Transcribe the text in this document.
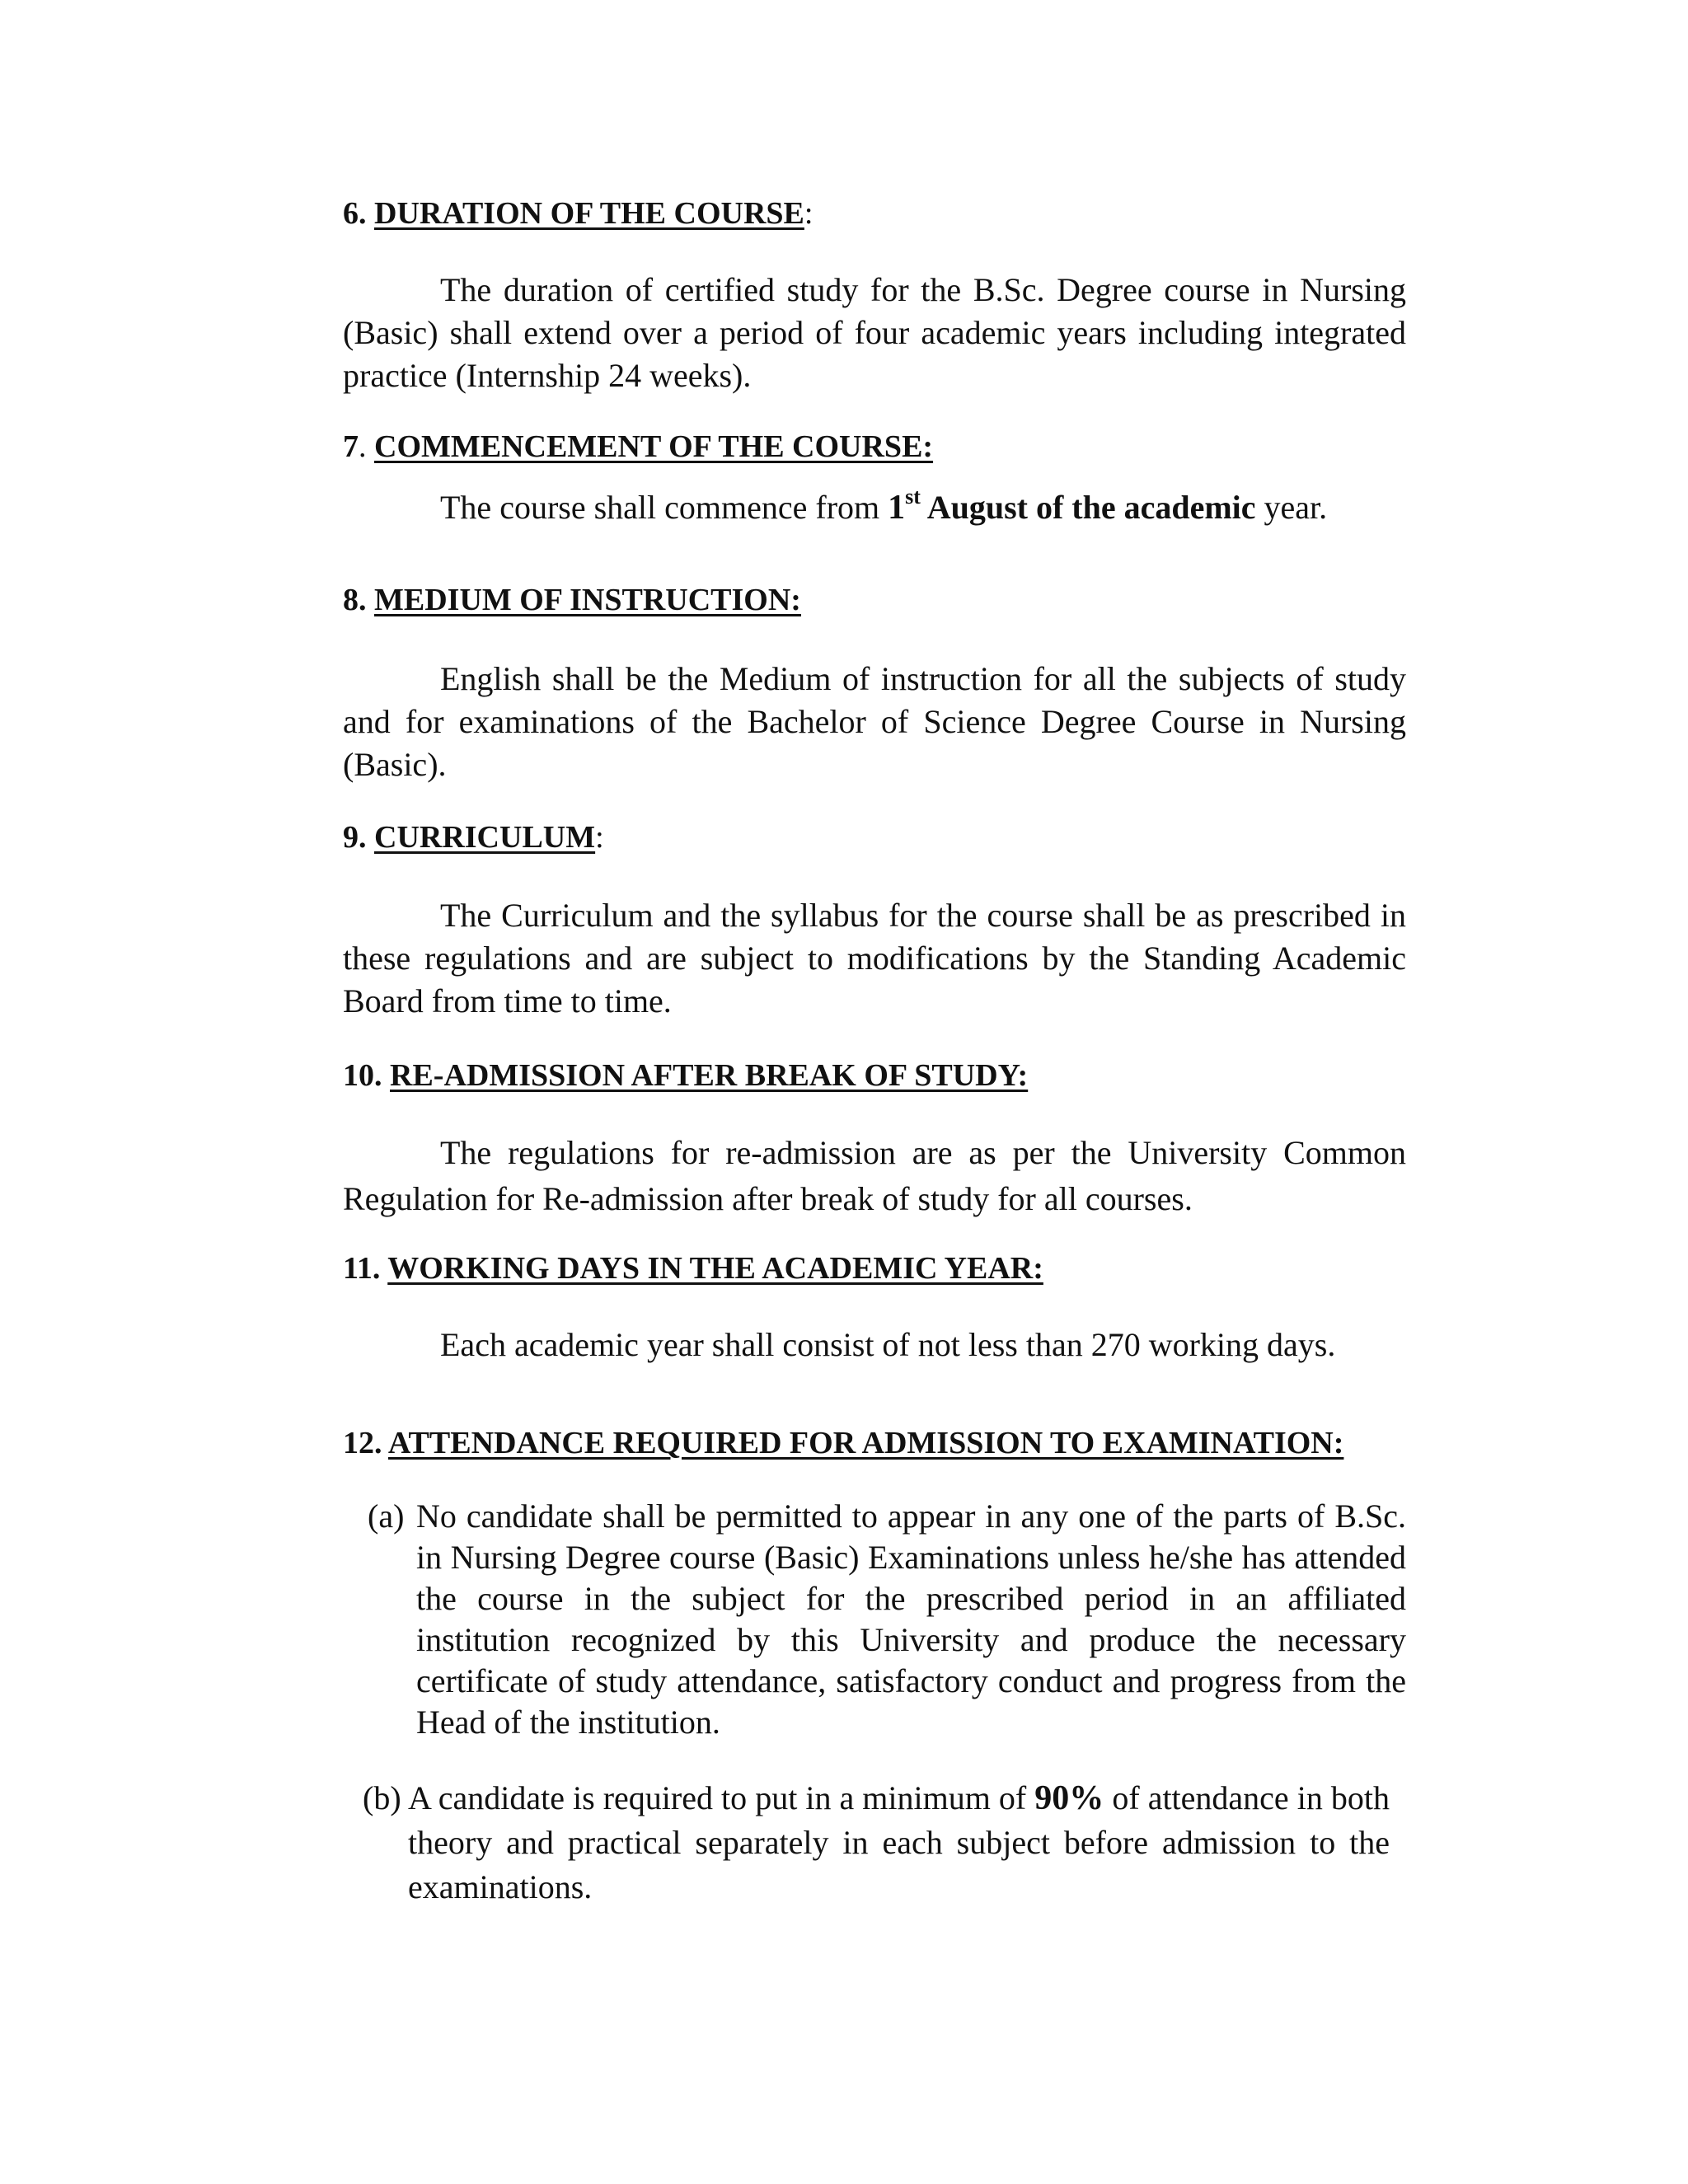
6. DURATION OF THE COURSE:

The duration of certified study for the B.Sc. Degree course in Nursing (Basic) shall extend over a period of four academic years including integrated practice (Internship 24 weeks).

7. COMMENCEMENT OF THE COURSE:

The course shall commence from 1st August of the academic year.

8. MEDIUM OF INSTRUCTION:

English shall be the Medium of instruction for all the subjects of study and for examinations of the Bachelor of Science Degree Course in Nursing (Basic).

9. CURRICULUM:

The Curriculum and the syllabus for the course shall be as prescribed in these regulations and are subject to modifications by the Standing Academic Board from time to time.

10. RE-ADMISSION AFTER BREAK OF STUDY:

The regulations for re-admission are as per the University Common Regulation for Re-admission after break of study for all courses.

11. WORKING DAYS IN THE ACADEMIC YEAR:

Each academic year shall consist of not less than 270 working days.

12. ATTENDANCE REQUIRED FOR ADMISSION TO EXAMINATION:
(a) No candidate shall be permitted to appear in any one of the parts of B.Sc. in Nursing Degree course (Basic) Examinations unless he/she has attended the course in the subject for the prescribed period in an affiliated institution recognized by this University and produce the necessary certificate of study attendance, satisfactory conduct and progress from the Head of the institution.
(b) A candidate is required to put in a minimum of 90% of attendance in both theory and practical separately in each subject before admission to the examinations.
